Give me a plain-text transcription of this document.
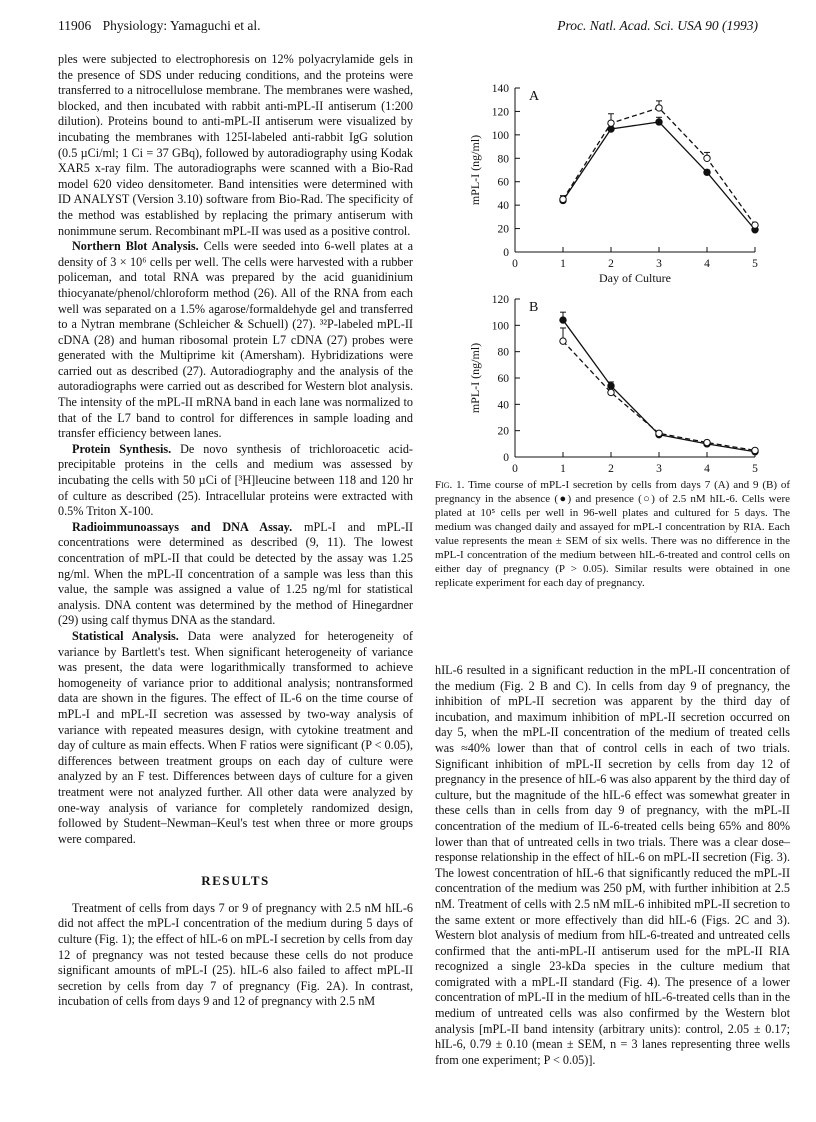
11906 Physiology: Yamaguchi et al.	Proc. Natl. Acad. Sci. USA 90 (1993)

ples were subjected to electrophoresis on 12% polyacrylamide gels in the presence of SDS under reducing conditions, and the proteins were transferred to a nitrocellulose membrane. The membranes were washed, blocked, and then incubated with rabbit anti-mPL-II antiserum (1:200 dilution). Proteins bound to anti-mPL-II antiserum were visualized by incubating the membranes with 125I-labeled anti-rabbit IgG solution (0.5 µCi/ml; 1 Ci = 37 GBq), followed by autoradiography using Kodak XAR5 x-ray film. The autoradiographs were scanned with a Bio-Rad model 620 video densitometer. Band intensities were determined with ID ANALYST (Version 3.10) software from Bio-Rad. The specificity of the method was established by replacing the primary antiserum with nonimmune serum. Recombinant mPL-II was used as a positive control.

Northern Blot Analysis. Cells were seeded into 6-well plates at a density of 3 × 10⁶ cells per well. The cells were harvested with a rubber policeman, and total RNA was prepared by the acid guanidinium thiocyanate/phenol/chloroform method (26). All of the RNA from each well was separated on a 1.5% agarose/formaldehyde gel and transferred to a Nytran membrane (Schleicher & Schuell) (27). ³²P-labeled mPL-II cDNA (28) and human ribosomal protein L7 cDNA (27) probes were generated with the Multiprime kit (Amersham). Hybridizations were carried out as described (27). Autoradiography and the analysis of the autoradiographs were carried out as described for Western blot analysis. The intensity of the mPL-II mRNA band in each lane was normalized to that of the L7 band to control for differences in sample loading and transfer efficiency between lanes.

Protein Synthesis. De novo synthesis of trichloroacetic acid-precipitable proteins in the cells and medium was assessed by incubating the cells with 50 µCi of [³H]leucine between 118 and 120 hr of culture as described (25). Intracellular proteins were extracted with 0.5% Triton X-100.

Radioimmunoassays and DNA Assay. mPL-I and mPL-II concentrations were determined as described (9, 11). The lowest concentration of mPL-II that could be detected by the assay was 1.25 ng/ml. When the mPL-II concentration of a sample was less than this value, the sample was assigned a value of 1.25 ng/ml for statistical analysis. DNA content was determined by the method of Hinegardner (29) using calf thymus DNA as the standard.

Statistical Analysis. Data were analyzed for heterogeneity of variance by Bartlett's test. When significant heterogeneity of variance was present, the data were logarithmically transformed to achieve homogeneity of variance prior to additional analysis; nontransformed data are shown in the figures. The effect of IL-6 on the time course of mPL-I and mPL-II secretion was assessed by two-way analysis of variance with repeated measures design, with cytokine treatment and day of culture as main effects. When F ratios were significant (P < 0.05), differences between treatment groups on each day of culture were analyzed by an F test. Differences between days of culture for a given treatment were not analyzed further. All other data were analyzed by one-way analysis of variance for completely randomized design, followed by Student–Newman–Keul's test when three or more groups were compared.

RESULTS

Treatment of cells from days 7 or 9 of pregnancy with 2.5 nM hIL-6 did not affect the mPL-I concentration of the medium during 5 days of culture (Fig. 1); the effect of hIL-6 on mPL-I secretion by cells from day 12 of pregnancy was not tested because these cells do not produce significant amounts of mPL-I (25). hIL-6 also failed to affect mPL-II secretion by cells from day 7 of pregnancy (Fig. 2A). In contrast, incubation of cells from days 9 and 12 of pregnancy with 2.5 nM

0
20
40
60
80
100
120
140
0	1	2	3	4	5
Day of Culture
mPL-I (ng/ml)
A
0
20
40
60
80
100
120
0	1	2	3	4	5
mPL-I (ng/ml)
B
Fig. 1. Time course of mPL-I secretion by cells from days 7 (A) and 9 (B) of pregnancy in the absence (●) and presence (○) of 2.5 nM hIL-6. Cells were plated at 10⁵ cells per well in 96-well plates and cultured for 5 days. The medium was changed daily and assayed for mPL-I concentration by RIA. Each value represents the mean ± SEM of six wells. There was no difference in the mPL-I concentration of the medium between hIL-6-treated and control cells on either day of pregnancy (P > 0.05). Similar results were obtained in one replicate experiment for each day of pregnancy.

hIL-6 resulted in a significant reduction in the mPL-II concentration of the medium (Fig. 2 B and C). In cells from day 9 of pregnancy, the inhibition of mPL-II secretion was apparent by the third day of incubation, and maximum inhibition of mPL-II secretion occurred on day 5, when the mPL-II concentration of the medium of treated cells was ≈40% lower than that of control cells in each of two trials. Significant inhibition of mPL-II secretion by cells from day 12 of pregnancy in the presence of hIL-6 was also apparent by the third day of culture, but the magnitude of the hIL-6 effect was somewhat greater in these cells than in cells from day 9 of pregnancy, with the mPL-II concentration of the medium of IL-6-treated cells being 65% and 80% lower than that of untreated cells in two trials. There was a clear dose–response relationship in the effect of hIL-6 on mPL-II secretion (Fig. 3). The lowest concentration of hIL-6 that significantly reduced the mPL-II concentration of the medium was 250 pM, with further inhibition at 2.5 nM. Treatment of cells with 2.5 nM mIL-6 inhibited mPL-II secretion to the same extent or more effectively than did hIL-6 (Figs. 2C and 3). Western blot analysis of medium from hIL-6-treated and untreated cells confirmed that the anti-mPL-II antiserum used for the mPL-II RIA recognized a single 23-kDa species in the culture medium that comigrated with a mPL-II standard (Fig. 4). The presence of a lower concentration of mPL-II in the medium of hIL-6-treated cells than in the medium of untreated cells was also confirmed by the Western blot analysis [mPL-II band intensity (arbitrary units): control, 2.05 ± 0.17; hIL-6, 0.79 ± 0.10 (mean ± SEM, n = 3 lanes representing three wells from one experiment; P < 0.05)].
